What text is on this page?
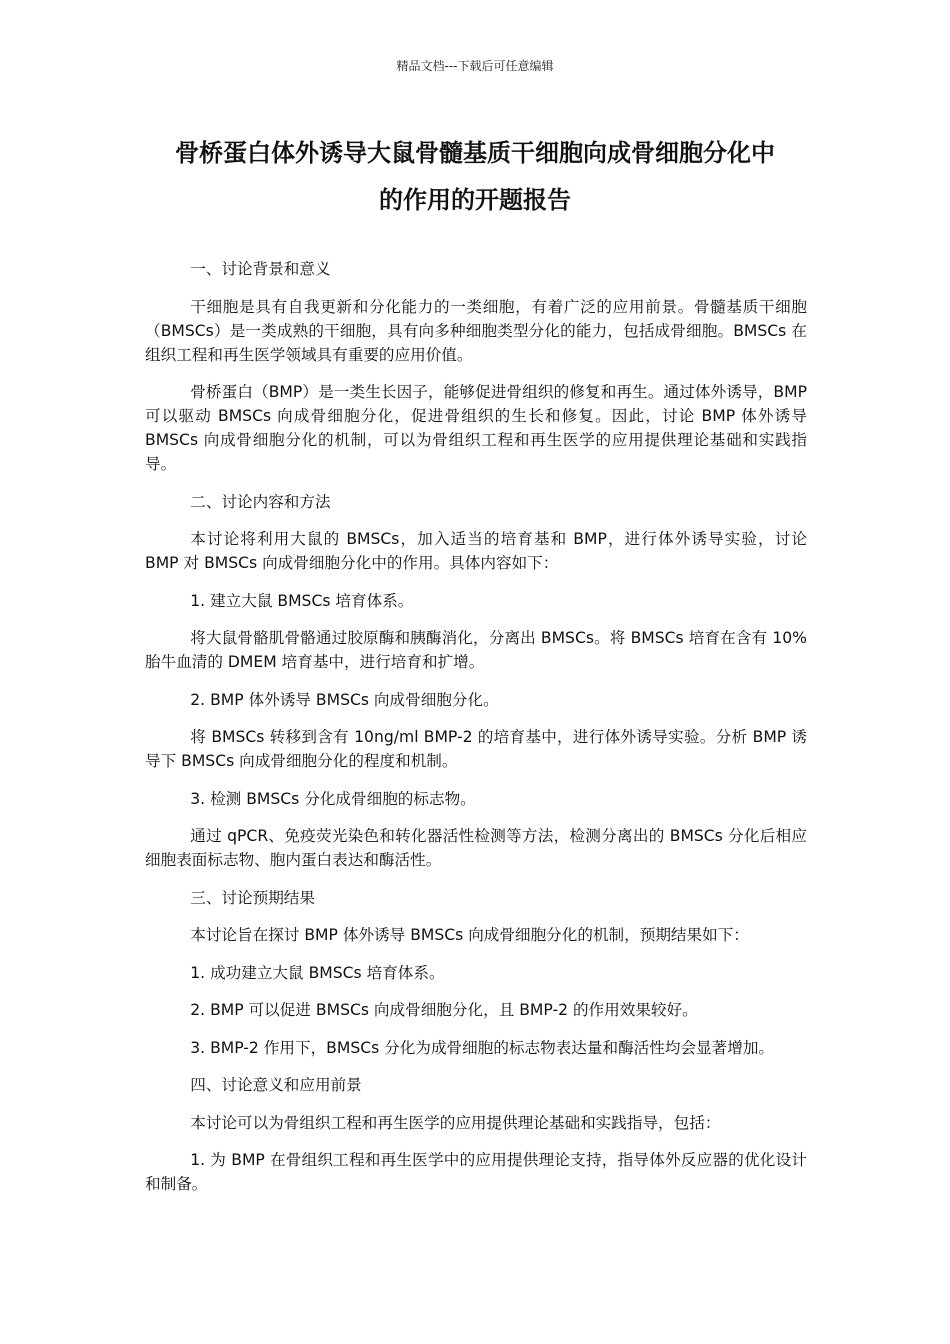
精品文档---下载后可任意编辑
骨桥蛋白体外诱导大鼠骨髓基质干细胞向成骨细胞分化中
的作用的开题报告

一、讨论背景和意义

干细胞是具有自我更新和分化能力的一类细胞，有着广泛的应用前景。骨髓基质干细胞（BMSCs）是一类成熟的干细胞，具有向多种细胞类型分化的能力，包括成骨细胞。BMSCs 在组织工程和再生医学领域具有重要的应用价值。

骨桥蛋白（BMP）是一类生长因子，能够促进骨组织的修复和再生。通过体外诱导，BMP 可以驱动 BMSCs 向成骨细胞分化，促进骨组织的生长和修复。因此，讨论 BMP 体外诱导 BMSCs 向成骨细胞分化的机制，可以为骨组织工程和再生医学的应用提供理论基础和实践指导。

二、讨论内容和方法

本讨论将利用大鼠的 BMSCs，加入适当的培育基和 BMP，进行体外诱导实验，讨论 BMP 对 BMSCs 向成骨细胞分化中的作用。具体内容如下：

1. 建立大鼠 BMSCs 培育体系。

将大鼠骨骼肌骨骼通过胶原酶和胰酶消化，分离出 BMSCs。将 BMSCs 培育在含有 10%胎牛血清的 DMEM 培育基中，进行培育和扩增。

2. BMP 体外诱导 BMSCs 向成骨细胞分化。

将 BMSCs 转移到含有 10ng/ml BMP-2 的培育基中，进行体外诱导实验。分析 BMP 诱导下 BMSCs 向成骨细胞分化的程度和机制。

3. 检测 BMSCs 分化成骨细胞的标志物。

通过 qPCR、免疫荧光染色和转化器活性检测等方法，检测分离出的 BMSCs 分化后相应细胞表面标志物、胞内蛋白表达和酶活性。

三、讨论预期结果

本讨论旨在探讨 BMP 体外诱导 BMSCs 向成骨细胞分化的机制，预期结果如下：

1. 成功建立大鼠 BMSCs 培育体系。

2. BMP 可以促进 BMSCs 向成骨细胞分化，且 BMP-2 的作用效果较好。

3. BMP-2 作用下，BMSCs 分化为成骨细胞的标志物表达量和酶活性均会显著增加。

四、讨论意义和应用前景

本讨论可以为骨组织工程和再生医学的应用提供理论基础和实践指导，包括：

1. 为 BMP 在骨组织工程和再生医学中的应用提供理论支持，指导体外反应器的优化设计和制备。
